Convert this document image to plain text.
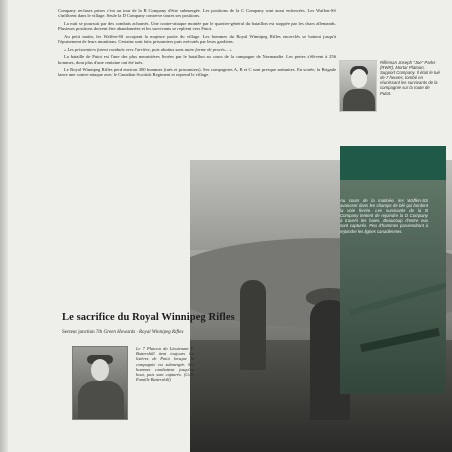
Company recluses prises c'est au tour de la B Company d'être submergée. Les positions de la C Company sont aussi enfoncées. Les Waffen-SS s'infiltrent dans le village. Seule la D Company conserve toutes ses positions.

La nuit se poursuit par des combats acharnés. Une contre-attaque montée par le quartier-général du bataillon est stoppée par les chars allemands. Plusieurs positions doivent être abandonnées et les survivants se replient vers Putot.

Au petit matin, les Waffen-SS occupent la majeure partie du village. Les hommes du Royal Winnipeg Rifles encerclés se battent jusqu'à l'épuisement de leurs munitions. Certains sont faits prisonniers puis exécutés par leurs gardiens.

« Les prisonniers furent conduits vers l'arrière, puis abattus sans autre forme de procès... »

La bataille de Putot est l'une des plus meurtrières livrées par le bataillon au cours de la campagne de Normandie. Les pertes s'élèvent à 256 hommes, dont plus d'une centaine ont été tués.

Le Royal Winnipeg Rifles perd environ 300 hommes (tués et prisonniers). Ses compagnies A, B et C sont presque anéanties. En soirée, la Brigade lance une contre-attaque avec le Canadian Scottish Regiment et reprend le village.

Rifleman Joseph "Joe" Parks (RWR), Mortar Platoon, Support Company. Il était le tué de 7 heures, tombé en réunissant les survivants de la compagnie sur la route de Putot.
Au cours de la matinée, les Waffen-SS avancent dans les champs de blé qui bordent la voie ferrée. Les survivants de la B Company tentent de rejoindre la D Company à travers les haies. Beaucoup d'entre eux sont capturés. Peu d'hommes parviendront à rejoindre les lignes canadiennes.
Le sacrifice du Royal Winnipeg Rifles
Secteur jonction 7th Green Howards · Royal Winnipeg Rifles
Le 7 Platoon du Lieutenant F. Battershill tient toujours les lisières de Putot lorsque la compagnie est submergée. Ses hommes combattent jusqu'au bout, puis sont capturés. (Coll. Famille Battershill)
